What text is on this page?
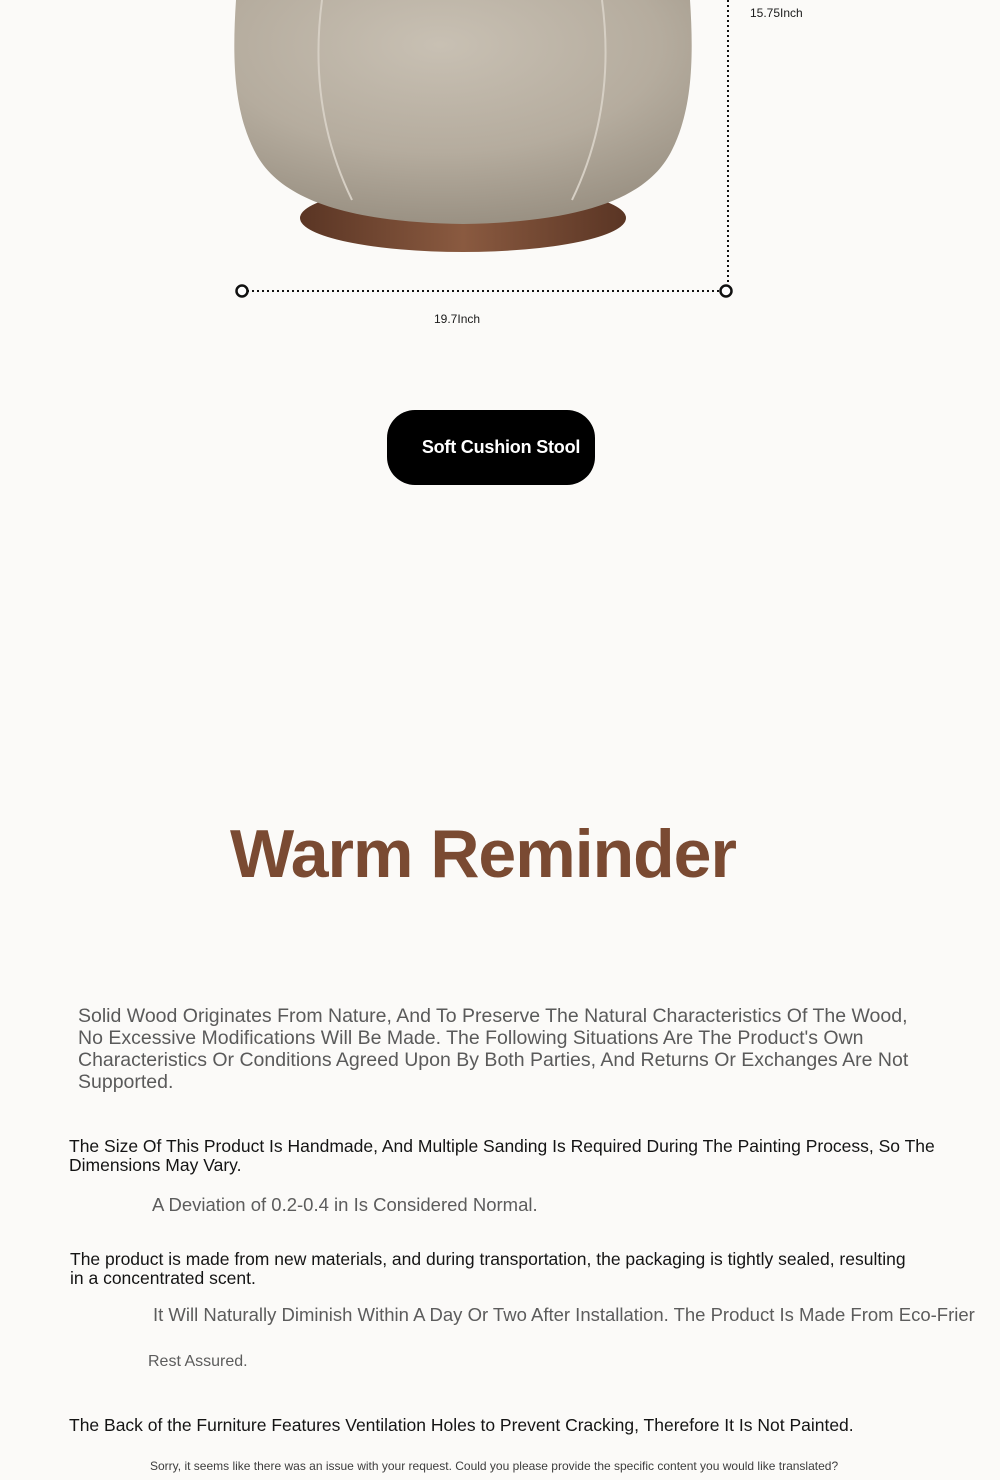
15.75Inch
19.7Inch
Soft Cushion Stool
Warm Reminder
Solid Wood Originates From Nature, And To Preserve The Natural Characteristics Of The Wood, No Excessive Modifications Will Be Made. The Following Situations Are The Product's Own Characteristics Or Conditions Agreed Upon By Both Parties, And Returns Or Exchanges Are Not Supported.
The Size Of This Product Is Handmade, And Multiple Sanding Is Required During The Painting Process, So The Dimensions May Vary.
A Deviation of 0.2-0.4 in Is Considered Normal.
The product is made from new materials, and during transportation, the packaging is tightly sealed, resulting in a concentrated scent.
It Will Naturally Diminish Within A Day Or Two After Installation. The Product Is Made From Eco-Frier
Rest Assured.
The Back of the Furniture Features Ventilation Holes to Prevent Cracking, Therefore It Is Not Painted.
Sorry, it seems like there was an issue with your request. Could you please provide the specific content you would like translated?
